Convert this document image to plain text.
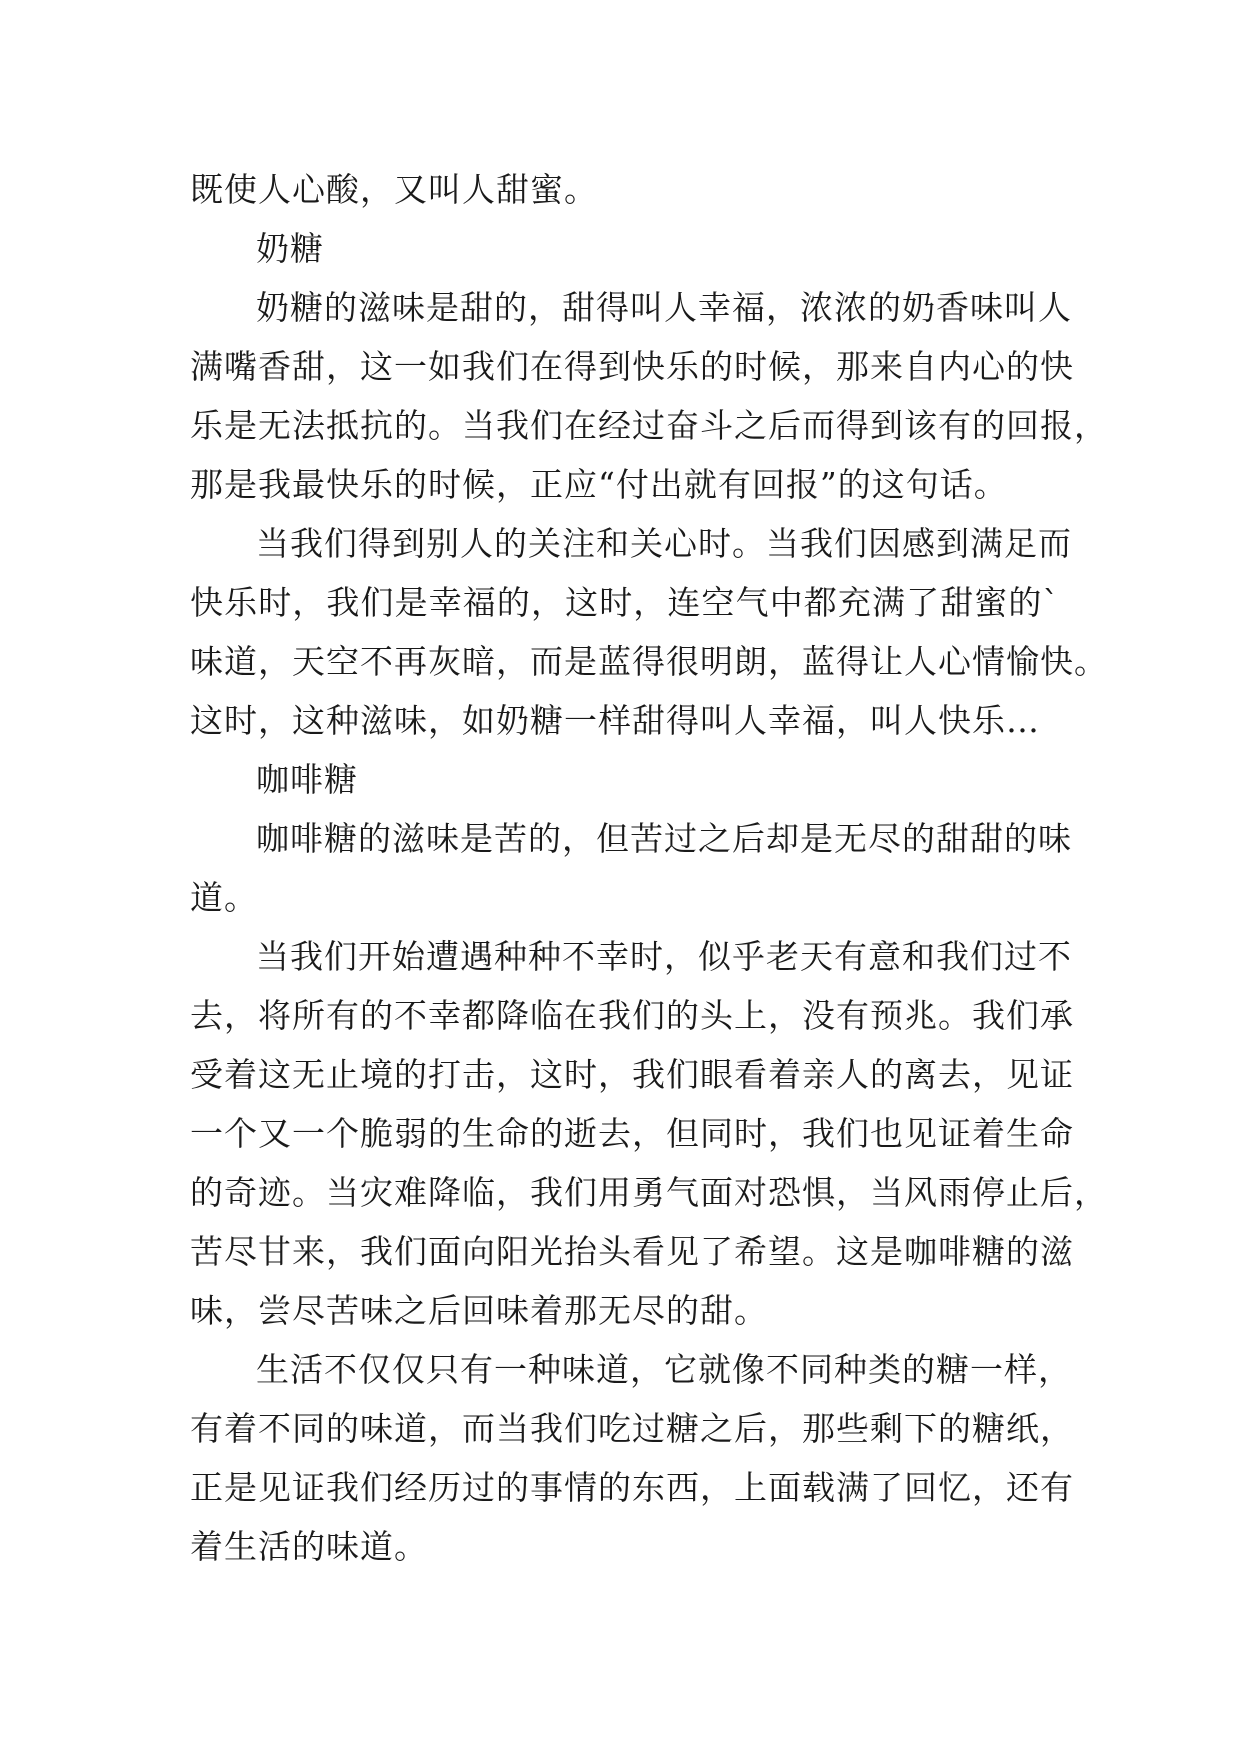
既使人心酸，又叫人甜蜜。
奶糖
奶糖的滋味是甜的，甜得叫人幸福，浓浓的奶香味叫人
满嘴香甜，这一如我们在得到快乐的时候，那来自内心的快
乐是无法抵抗的。当我们在经过奋斗之后而得到该有的回报，
那是我最快乐的时候，正应“付出就有回报”的这句话。
当我们得到别人的关注和关心时。当我们因感到满足而
快乐时，我们是幸福的，这时，连空气中都充满了甜蜜的`
味道，天空不再灰暗，而是蓝得很明朗，蓝得让人心情愉快。
这时，这种滋味，如奶糖一样甜得叫人幸福，叫人快乐…
咖啡糖
咖啡糖的滋味是苦的，但苦过之后却是无尽的甜甜的味
道。
当我们开始遭遇种种不幸时，似乎老天有意和我们过不
去，将所有的不幸都降临在我们的头上，没有预兆。我们承
受着这无止境的打击，这时，我们眼看着亲人的离去，见证
一个又一个脆弱的生命的逝去，但同时，我们也见证着生命
的奇迹。当灾难降临，我们用勇气面对恐惧，当风雨停止后，
苦尽甘来，我们面向阳光抬头看见了希望。这是咖啡糖的滋
味，尝尽苦味之后回味着那无尽的甜。
生活不仅仅只有一种味道，它就像不同种类的糖一样，
有着不同的味道，而当我们吃过糖之后，那些剩下的糖纸，
正是见证我们经历过的事情的东西，上面载满了回忆，还有
着生活的味道。
